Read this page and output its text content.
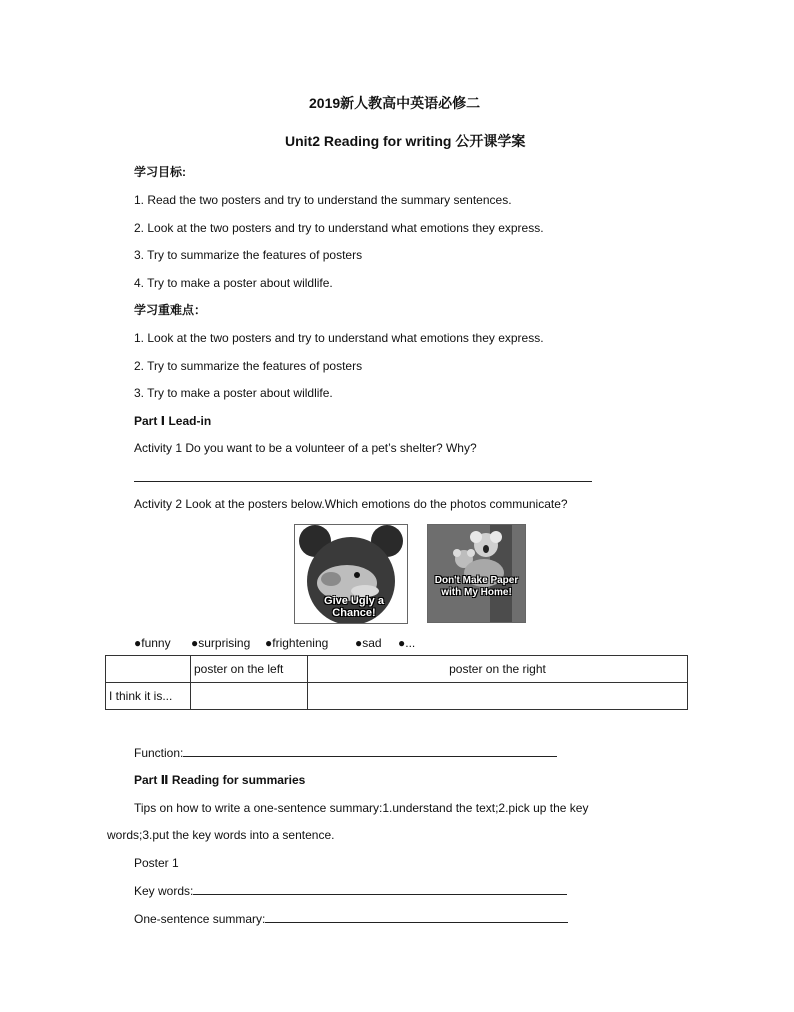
2019新人教高中英语必修二
Unit2 Reading for writing 公开课学案
学习目标:
1. Read the two posters and try to understand the summary sentences.
2. Look at the two posters and try to understand what emotions they express.
3. Try to summarize the features of posters
4. Try to make a poster about wildlife.
学习重难点：
1. Look at the two posters and try to understand what emotions they express.
2. Try to summarize the features of posters
3. Try to make a poster about wildlife.
Part Ⅰ Lead-in
Activity 1 Do you want to be a volunteer of a pet’s shelter? Why?
Activity 2 Look at the posters below.Which emotions do the photos communicate?
Give Ugly a Chance!
Don't Make Paper with My Home!
●funny ●surprising ●frightening ●sad ●...
	poster on the left	poster on the right
I think it is...		
Function:
Part Ⅱ Reading for summaries
Tips on how to write a one-sentence summary:1.understand the text;2.pick up the key
words;3.put the key words into a sentence.
Poster 1
Key words:
One-sentence summary:
